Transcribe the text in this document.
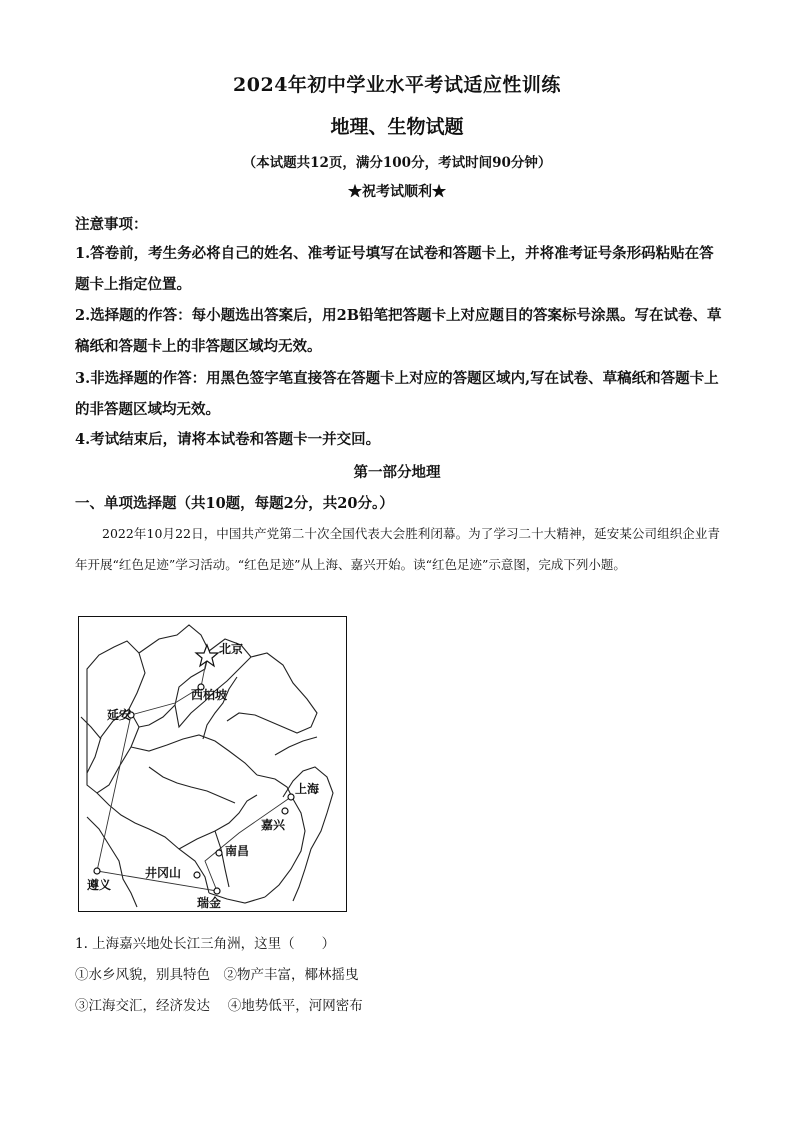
2024年初中学业水平考试适应性训练
地理、生物试题
（本试题共12页，满分100分，考试时间90分钟）
★祝考试顺利★
注意事项：
1.答卷前，考生务必将自己的姓名、准考证号填写在试卷和答题卡上，并将准考证号条形码粘贴在答题卡上指定位置。
2.选择题的作答：每小题选出答案后，用2B铅笔把答题卡上对应题目的答案标号涂黑。写在试卷、草稿纸和答题卡上的非答题区域均无效。
3.非选择题的作答：用黑色签字笔直接答在答题卡上对应的答题区域内,写在试卷、草稿纸和答题卡上的非答题区域均无效。
4.考试结束后，请将本试卷和答题卡一并交回。
第一部分地理
一、单项选择题（共10题，每题2分，共20分。）
2022年10月22日，中国共产党第二十次全国代表大会胜利闭幕。为了学习二十大精神，延安某公司组织企业青年开展“红色足迹”学习活动。“红色足迹”从上海、嘉兴开始。读“红色足迹”示意图，完成下列小题。
北京
西柏坡
延安
上海
嘉兴
南昌
井冈山
遵义
瑞金
1. 上海嘉兴地处长江三角洲，这里（　　）
①水乡风貌，别具特色　②物产丰富，椰林摇曳
③江海交汇，经济发达　 ④地势低平，河网密布
